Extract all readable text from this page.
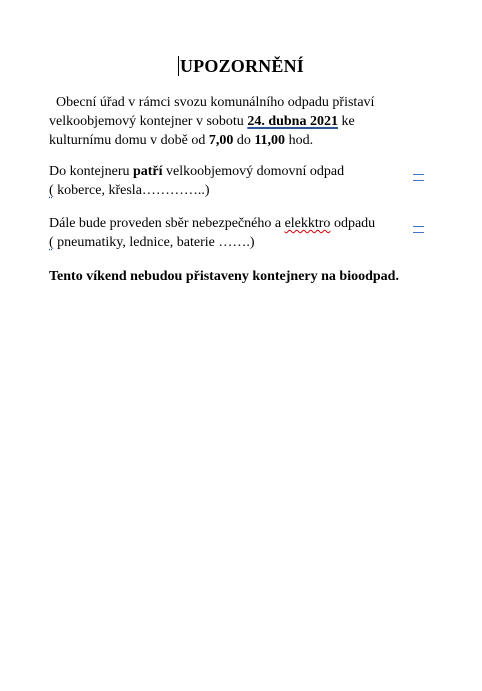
UPOZORNĚNÍ
Obecní úřad v rámci svozu komunálního odpadu přistaví
velkoobjemový kontejner v sobotu 24. dubna 2021 ke
kulturnímu domu v době od 7,00 do 11,00 hod.
Do kontejneru patří velkoobjemový domovní odpad
( koberce, křesla…………..)
Dále bude proveden sběr nebezpečného a elekktro odpadu
( pneumatiky, lednice, baterie …….)
Tento víkend nebudou přistaveny kontejnery na bioodpad.
